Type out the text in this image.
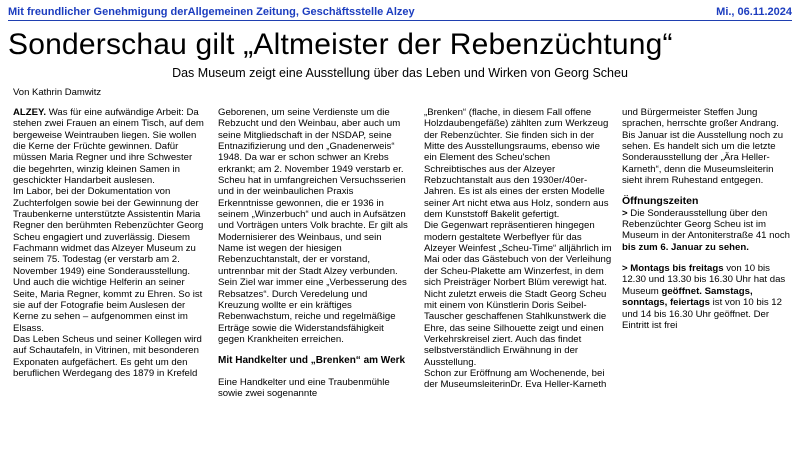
Mit freundlicher Genehmigung derAllgemeinen Zeitung, Geschäftsstelle Alzey	Mi., 06.11.2024
Sonderschau gilt „Altmeister der Rebenzüchtung“
Das Museum zeigt eine Ausstellung über das Leben und Wirken von Georg Scheu
Von Kathrin Damwitz

ALZEY. Was für eine aufwändige Arbeit: Da stehen zwei Frauen an einem Tisch, auf dem bergeweise Weintrauben liegen. Sie wollen die Kerne der Früchte gewinnen. Dafür müssen Maria Regner und ihre Schwester die begehrten, winzig kleinen Samen in geschickter Handarbeit auslesen.

Im Labor, bei der Dokumentation von Zuchterfolgen sowie bei der Gewinnung der Traubenkerne unterstützte Assistentin Maria Regner den berühmten Rebenzüchter Georg Scheu engagiert und zuverlässig. Diesem Fachmann widmet das Alzeyer Museum zu seinem 75. Todestag (er verstarb am 2. November 1949) eine Sonderausstellung. Und auch die wichtige Helferin an seiner Seite, Maria Regner, kommt zu Ehren. So ist sie auf der Fotografie beim Auslesen der Kerne zu sehen – aufgenommen einst im Elsass.

Das Leben Scheus und seiner Kollegen wird auf Schautafeln, in Vitrinen, mit besonderen Exponaten aufgefächert. Es geht um den beruflichen Werdegang des 1879 in Krefeld

Geborenen, um seine Verdienste um die Rebzucht und den Weinbau, aber auch um seine Mitgliedschaft in der NSDAP, seine Entnazifizierung und den „Gnadenerweis“ 1948. Da war er schon schwer an Krebs erkrankt; am 2. November 1949 verstarb er.

Scheu hat in umfangreichen Versuchsserien und in der weinbaulichen Praxis Erkenntnisse gewonnen, die er 1936 in seinem „Winzerbuch“ und auch in Aufsätzen und Vorträgen unters Volk brachte. Er gilt als Modernisierer des Weinbaus, und sein Name ist wegen der hiesigen Rebenzuchtanstalt, der er vorstand, untrennbar mit der Stadt Alzey verbunden. Sein Ziel war immer eine „Verbesserung des Rebsatzes“. Durch Veredelung und Kreuzung wollte er ein kräftiges Rebenwachstum, reiche und regelmäßige Erträge sowie die Widerstandsfähigkeit gegen Krankheiten erreichen.

Mit Handkelter und „Brenken“ am Werk

Eine Handkelter und eine Traubenmühle sowie zwei sogenannte

„Brenken“ (flache, in diesem Fall offene Holzdaubengefäße) zählten zum Werkzeug der Rebenzüchter. Sie finden sich in der Mitte des Ausstellungsraums, ebenso wie ein Element des Scheu'schen Schreibtisches aus der Alzeyer Rebzuchtanstalt aus den 1930er/40er-Jahren. Es ist als eines der ersten Modelle seiner Art nicht etwa aus Holz, sondern aus dem Kunststoff Bakelit gefertigt.

Die Gegenwart repräsentieren hingegen modern gestaltete Werbeflyer für das Alzeyer Weinfest „Scheu-Time“ alljährlich im Mai oder das Gästebuch von der Verleihung der Scheu-Plakette am Winzerfest, in dem sich Preisträger Norbert Blüm verewigt hat. Nicht zuletzt erweis die Stadt Georg Scheu mit einem von Künstlerin Doris Seibel-Tauscher geschaffenen Stahlkunstwerk die Ehre, das seine Silhouette zeigt und einen Verkehrskreisel ziert. Auch das findet selbstverständlich Erwähnung in der Ausstellung.

Schon zur Eröffnung am Wochenende, bei der MuseumsleiterinDr. Eva Heller-Karneth

und Bürgermeister Steffen Jung sprachen, herrschte großer Andrang. Bis Januar ist die Ausstellung noch zu sehen. Es handelt sich um die letzte Sonderausstellung der „Ära Heller-Karneth“, denn die Museumsleiterin sieht ihrem Ruhestand entgegen.

Öffnungszeiten

> Die Sonderausstellung über den Rebenzüchter Georg Scheu ist im Museum in der Antoniterstraße 41 noch bis zum 6. Januar zu sehen.

> Montags bis freitags von 10 bis 12.30 und 13.30 bis 16.30 Uhr hat das Museum geöffnet. Samstags, sonntags, feiertags ist von 10 bis 12 und 14 bis 16.30 Uhr geöffnet. Der Eintritt ist frei
